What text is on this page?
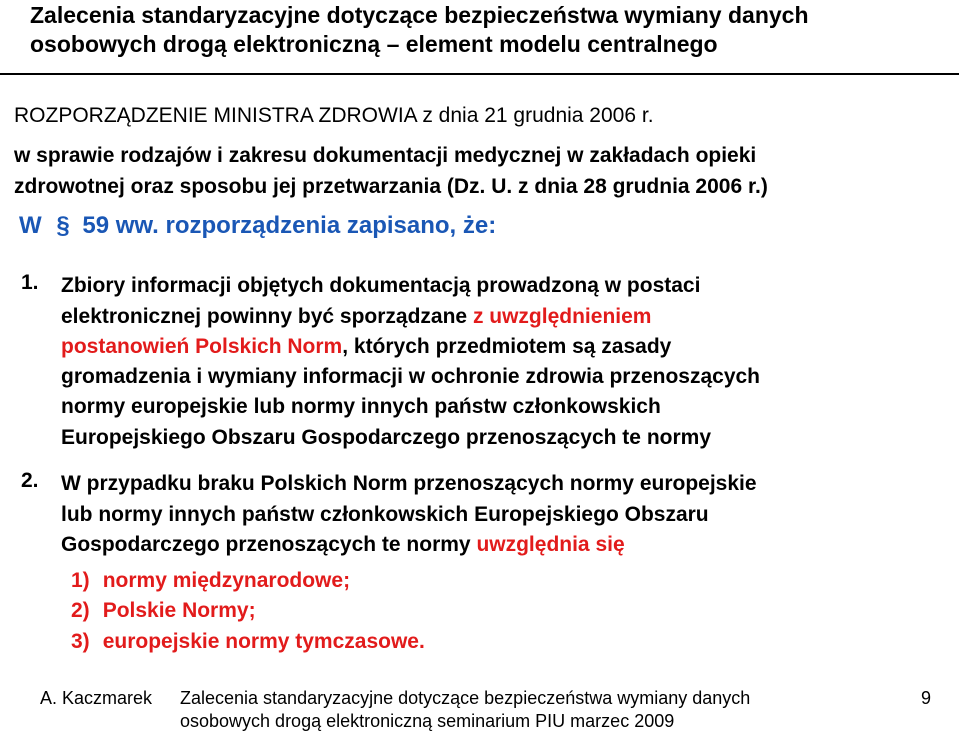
Zalecenia standaryzacyjne dotyczące bezpieczeństwa wymiany danych
osobowych drogą elektroniczną – element modelu centralnego
ROZPORZĄDZENIE MINISTRA ZDROWIA z dnia 21 grudnia 2006 r.
w sprawie rodzajów i zakresu dokumentacji medycznej w zakładach opieki
zdrowotnej oraz sposobu jej przetwarzania (Dz. U. z dnia 28 grudnia 2006 r.)
W § 59 ww. rozporządzenia zapisano, że:
1. Zbiory informacji objętych dokumentacją prowadzoną w postaci
elektronicznej powinny być sporządzane z uwzględnieniem
postanowień Polskich Norm, których przedmiotem są zasady
gromadzenia i wymiany informacji w ochronie zdrowia przenoszących
normy europejskie lub normy innych państw członkowskich
Europejskiego Obszaru Gospodarczego przenoszących te normy
2. W przypadku braku Polskich Norm przenoszących normy europejskie
lub normy innych państw członkowskich Europejskiego Obszaru
Gospodarczego przenoszących te normy uwzględnia się
1) normy międzynarodowe;
2) Polskie Normy;
3) europejskie normy tymczasowe.
A. Kaczmarek Zalecenia standaryzacyjne dotyczące bezpieczeństwa wymiany danych
osobowych drogą elektroniczną seminarium PIU marzec 2009
9
